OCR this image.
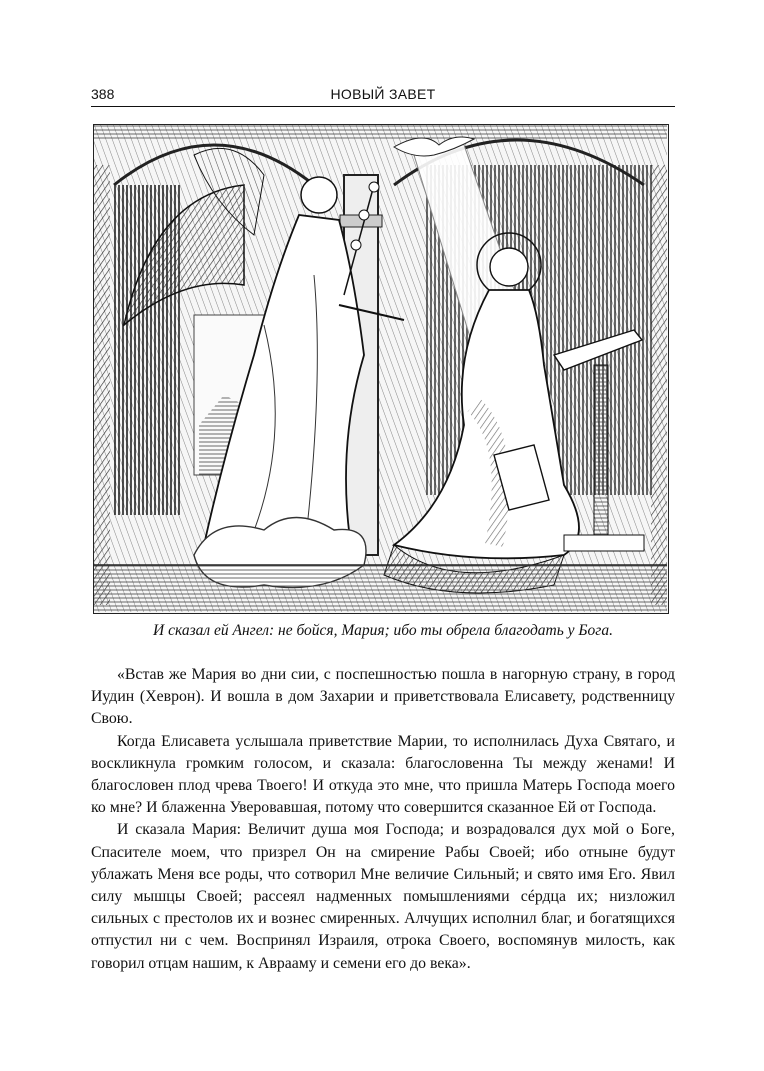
388	НОВЫЙ ЗАВЕТ
И сказал ей Ангел: не бойся, Мария; ибо ты обрела благодать у Бога.

«Встав же Мария во дни сии, с поспешностью пошла в нагорную страну, в город Иудин (Хеврон). И вошла в дом Захарии и приветствовала Елисавету, родственницу Свою.

Когда Елисавета услышала приветствие Марии, то исполнилась Духа Святаго, и воскликнула громким голосом, и сказала: благословенна Ты между женами! И благословен плод чрева Твоего! И откуда это мне, что пришла Матерь Господа моего ко мне? И блаженна Уверовавшая, потому что совершится сказанное Ей от Господа.

И сказала Мария: Величит душа моя Господа; и возрадовался дух мой о Боге, Спасителе моем, что призрел Он на смирение Рабы Своей; ибо отныне будут ублажать Меня все роды, что сотворил Мне величие Сильный; и свято имя Его. Явил силу мышцы Своей; рассеял надменных помышлениями сéрдца их; низложил сильных с престолов их и вознес смиренных. Алчущих исполнил благ, и богатящихся отпустил ни с чем. Воспринял Израиля, отрока Своего, воспомянув милость, как говорил отцам нашим, к Аврааму и семени его до века».
